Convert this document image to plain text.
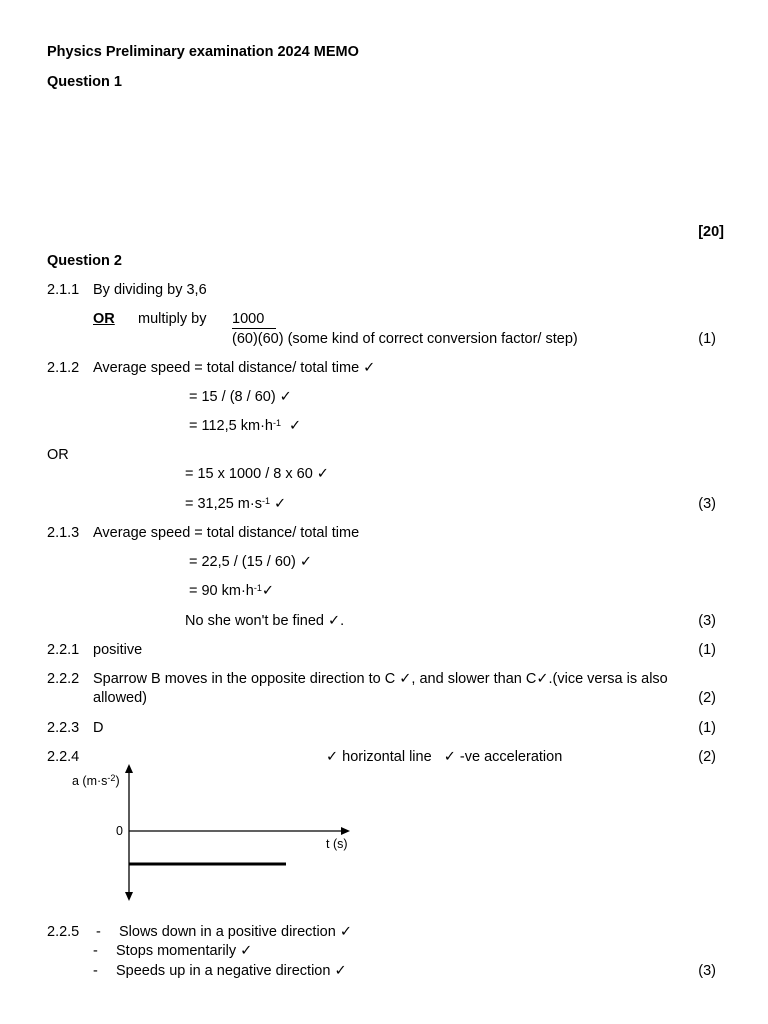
Physics Preliminary examination 2024 MEMO
Question 1
[20]
Question 2
2.1.1 By dividing by 3,6
OR multiply by 1000
(60)(60) (some kind of correct conversion factor/ step)	(1)
2.1.2 Average speed = total distance/ total time ✓
= 15 / (8 / 60) ✓
= 112,5 $km\cdot h^{-1}$  ✓
OR
= 15 x 1000 / 8 x 60 ✓
= 31,25 $m\cdot s^{-1}$ ✓	(3)
2.1.3 Average speed = total distance/ total time
= 22,5 / (15 / 60) ✓
= 90 $km\cdot h^{-1}✓$
No she won't be fined ✓.	(3)
2.2.1 positive	(1)
2.2.2 Sparrow B moves in the opposite direction to C ✓, and slower than C✓.(vice versa is also
allowed)	(2)
2.2.3 D	(1)
2.2.4	✓ horizontal line   ✓ -ve acceleration	(2)
a $(m\cdot s^{-2})$
0
t (s)
2.2.5 - Slows down in a positive direction ✓
- Stops momentarily ✓
- Speeds up in a negative direction ✓	(3)
